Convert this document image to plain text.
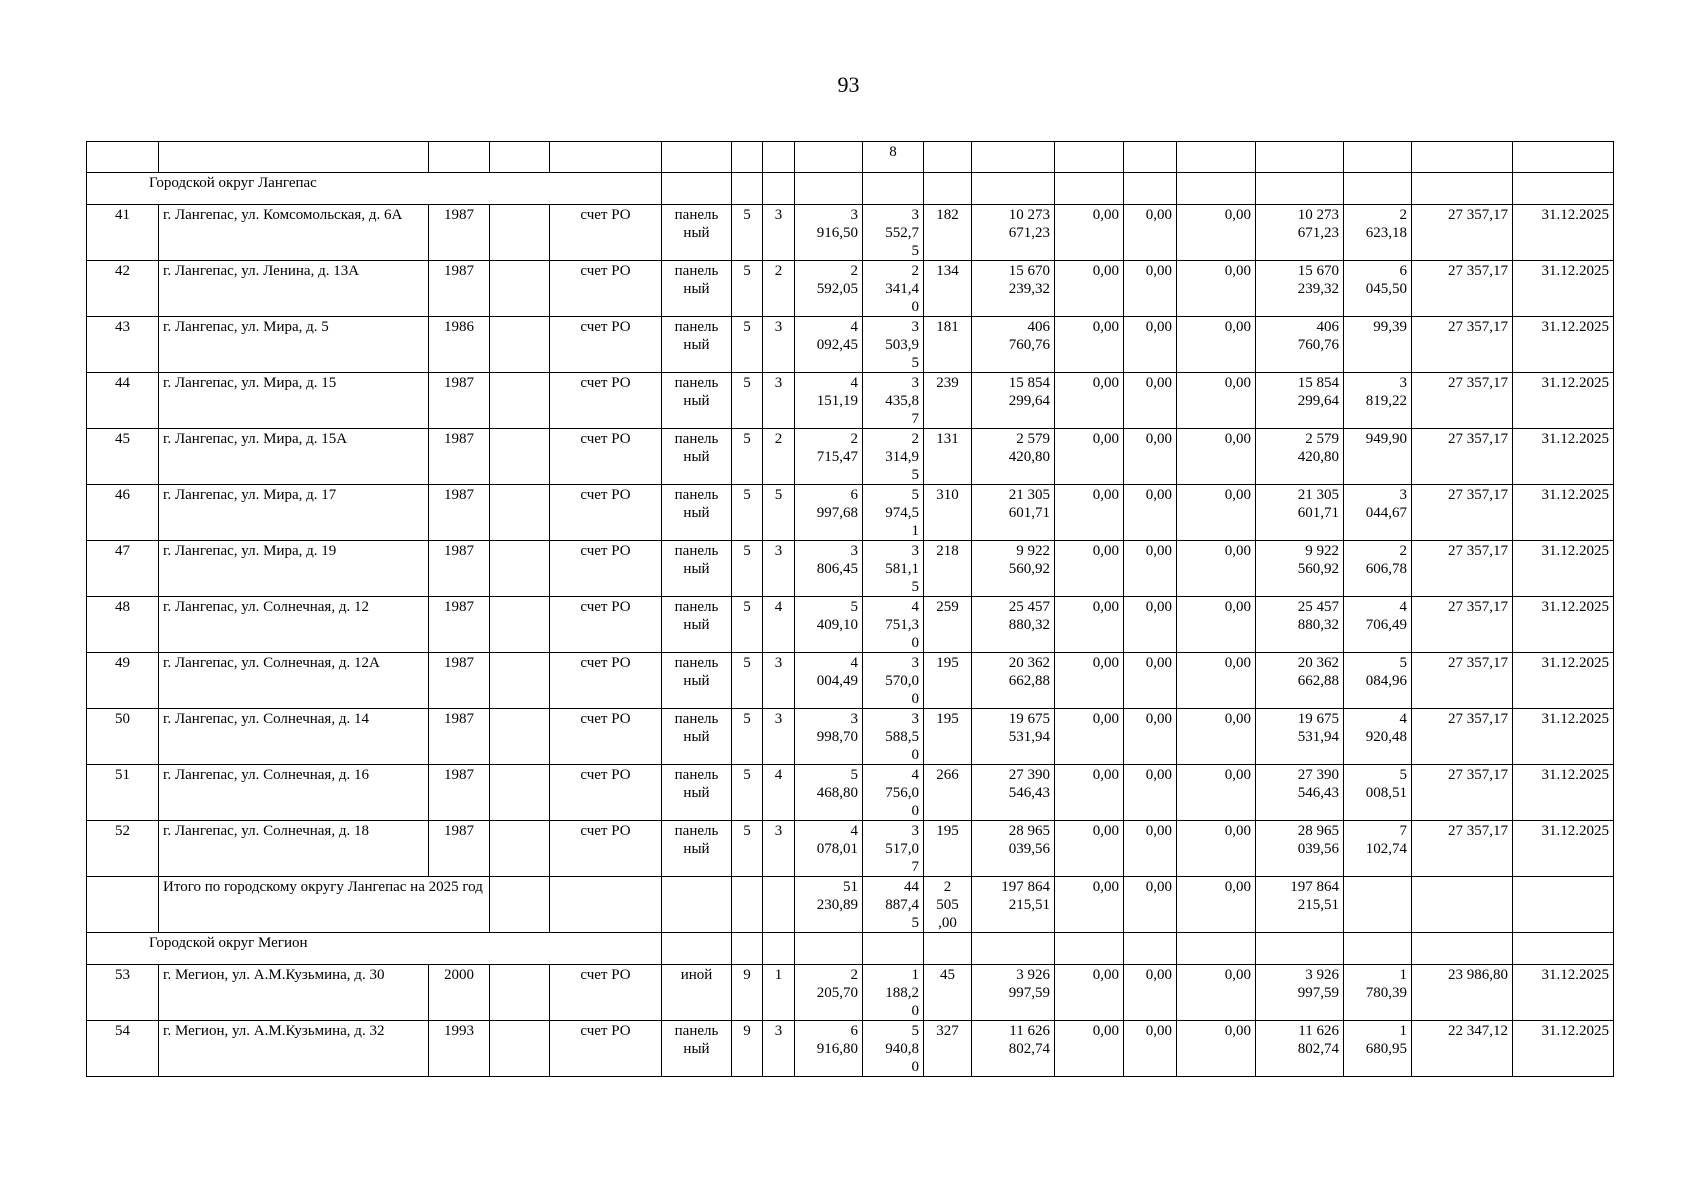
93
									8									
Городской округ Лангепас																		
41	г. Лангепас, ул. Комсомольская, д. 6А	1987		счет РО	панель
ный	5	3	3
916,50	3
552,7
5	182	10 273
671,23	0,00	0,00	0,00	10 273
671,23	2
623,18	27 357,17	31.12.2025
42	г. Лангепас, ул. Ленина, д. 13А	1987		счет РО	панель
ный	5	2	2
592,05	2
341,4
0	134	15 670
239,32	0,00	0,00	0,00	15 670
239,32	6
045,50	27 357,17	31.12.2025
43	г. Лангепас, ул. Мира, д. 5	1986		счет РО	панель
ный	5	3	4
092,45	3
503,9
5	181	406
760,76	0,00	0,00	0,00	406
760,76	99,39	27 357,17	31.12.2025
44	г. Лангепас, ул. Мира, д. 15	1987		счет РО	панель
ный	5	3	4
151,19	3
435,8
7	239	15 854
299,64	0,00	0,00	0,00	15 854
299,64	3
819,22	27 357,17	31.12.2025
45	г. Лангепас, ул. Мира, д. 15А	1987		счет РО	панель
ный	5	2	2
715,47	2
314,9
5	131	2 579
420,80	0,00	0,00	0,00	2 579
420,80	949,90	27 357,17	31.12.2025
46	г. Лангепас, ул. Мира, д. 17	1987		счет РО	панель
ный	5	5	6
997,68	5
974,5
1	310	21 305
601,71	0,00	0,00	0,00	21 305
601,71	3
044,67	27 357,17	31.12.2025
47	г. Лангепас, ул. Мира, д. 19	1987		счет РО	панель
ный	5	3	3
806,45	3
581,1
5	218	9 922
560,92	0,00	0,00	0,00	9 922
560,92	2
606,78	27 357,17	31.12.2025
48	г. Лангепас, ул. Солнечная, д. 12	1987		счет РО	панель
ный	5	4	5
409,10	4
751,3
0	259	25 457
880,32	0,00	0,00	0,00	25 457
880,32	4
706,49	27 357,17	31.12.2025
49	г. Лангепас, ул. Солнечная, д. 12А	1987		счет РО	панель
ный	5	3	4
004,49	3
570,0
0	195	20 362
662,88	0,00	0,00	0,00	20 362
662,88	5
084,96	27 357,17	31.12.2025
50	г. Лангепас, ул. Солнечная, д. 14	1987		счет РО	панель
ный	5	3	3
998,70	3
588,5
0	195	19 675
531,94	0,00	0,00	0,00	19 675
531,94	4
920,48	27 357,17	31.12.2025
51	г. Лангепас, ул. Солнечная, д. 16	1987		счет РО	панель
ный	5	4	5
468,80	4
756,0
0	266	27 390
546,43	0,00	0,00	0,00	27 390
546,43	5
008,51	27 357,17	31.12.2025
52	г. Лангепас, ул. Солнечная, д. 18	1987		счет РО	панель
ный	5	3	4
078,01	3
517,0
7	195	28 965
039,56	0,00	0,00	0,00	28 965
039,56	7
102,74	27 357,17	31.12.2025
	Итого по городскому округу Лангепас на 2025 год							51
230,89	44
887,4
5	2
505
,00	197 864
215,51	0,00	0,00	0,00	197 864
215,51			
Городской округ Мегион																		
53	г. Мегион, ул. А.М.Кузьмина, д. 30	2000		счет РО	иной	9	1	2
205,70	1
188,2
0	45	3 926
997,59	0,00	0,00	0,00	3 926
997,59	1
780,39	23 986,80	31.12.2025
54	г. Мегион, ул. А.М.Кузьмина, д. 32	1993		счет РО	панель
ный	9	3	6
916,80	5
940,8
0	327	11 626
802,74	0,00	0,00	0,00	11 626
802,74	1
680,95	22 347,12	31.12.2025
